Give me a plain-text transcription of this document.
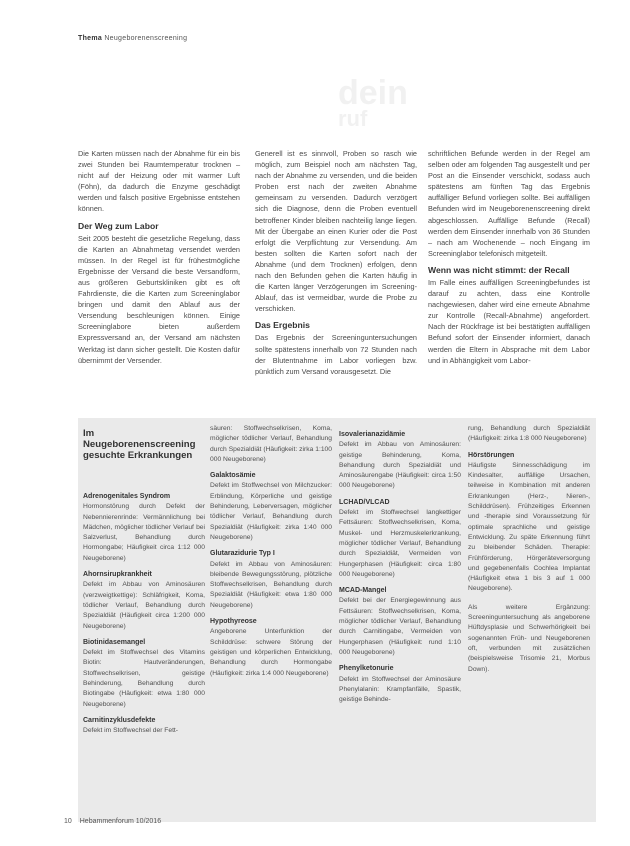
Thema Neugeborenenscreening
dein
ruf

Die Karten müssen nach der Abnahme für ein bis zwei Stunden bei Raumtemperatur trocknen – nicht auf der Heizung oder mit warmer Luft (Föhn), da dadurch die Enzyme geschädigt werden und falsch positive Ergebnisse entstehen können.

Der Weg zum Labor

Seit 2005 besteht die gesetzliche Regelung, dass die Karten an Abnahmetag versendet werden müssen. In der Regel ist für frühestmögliche Ergebnisse der Versand die beste Versandform, aus größeren Geburtskliniken gibt es oft Fahrdienste, die die Karten zum Screeninglabor bringen und damit den Ablauf aus der Versendung beschleunigen können. Einige Screeninglabore bieten außerdem Expressversand an, der Versand am nächsten Werktag ist dann sicher gestellt. Die Kosten dafür übernimmt der Versender.

Generell ist es sinnvoll, Proben so rasch wie möglich, zum Beispiel noch am nächsten Tag, nach der Abnahme zu versenden, und die beiden Proben erst nach der zweiten Abnahme gemeinsam zu versenden. Dadurch verzögert sich die Diagnose, denn die Proben eventuell betroffener Kinder bleiben nachteilig lange liegen. Mit der Übergabe an einen Kurier oder die Post erfolgt die Verpflichtung zur Versendung. Am besten sollten die Karten sofort nach der Abnahme (und dem Trocknen) erfolgen, denn nach den Befunden gehen die Karten häufig in die Karten länger Verzögerungen im Screening-Ablauf, das ist vermeidbar, wurde die Probe zu verschicken.

Das Ergebnis

Das Ergebnis der Screeninguntersuchungen sollte spätestens innerhalb von 72 Stunden nach der Blutentnahme im Labor vorliegen bzw. pünktlich zum Versand vorausgesetzt. Die

schriftlichen Befunde werden in der Regel am selben oder am folgenden Tag ausgestellt und per Post an die Einsender verschickt, sodass auch spätestens am fünften Tag das Ergebnis auffälliger Befund vorliegen sollte. Bei auffälligen Befunden wird im Neugeborenenscreening direkt abgeschlossen. Auffällige Befunde (Recall) werden dem Einsender innerhalb von 36 Stunden – nach am Wochenende – noch Eingang im Screeninglabor telefonisch mitgeteilt.

Wenn was nicht stimmt: der Recall

Im Falle eines auffälligen Screeningbefundes ist darauf zu achten, dass eine Kontrolle nachgewiesen, daher wird eine erneute Abnahme zur Kontrolle (Recall-Abnahme) angefordert. Nach der Rückfrage ist bei bestätigten auffälligen Befund sofort der Einsender informiert, danach werden die Eltern in Absprache mit dem Labor und in Abhängigkeit vom Labor-

Im Neugeborenenscreening gesuchte Erkrankungen
Adrenogenitales Syndrom

Hormonstörung durch Defekt der Nebennierenrinde: Vermännlichung bei Mädchen, möglicher tödlicher Verlauf bei Salzverlust, Behandlung durch Hormongabe; Häufigkeit circa 1:12 000 Neugeborene)

Ahornsirupkrankheit

Defekt im Abbau von Aminosäuren (verzweigtkettige): Schläfrigkeit, Koma, tödlicher Verlauf, Behandlung durch Spezialdiät (Häufigkeit circa 1:200 000 Neugeborene)

Biotinidasemangel

Defekt im Stoffwechsel des Vitamins Biotin: Hautveränderungen, Stoffwechselkrisen, geistige Behinderung, Behandlung durch Biotingabe (Häufigkeit: etwa 1:80 000 Neugeborene)

Carnitinzyklusdefekte

Defekt im Stoffwechsel der Fett-

säuren: Stoffwechselkrisen, Koma, möglicher tödlicher Verlauf, Behandlung durch Spezialdiät (Häufigkeit: zirka 1:100 000 Neugeborene)

Galaktosämie

Defekt im Stoffwechsel von Milchzucker: Erblindung, Körperliche und geistige Behinderung, Leberversagen, möglicher tödlicher Verlauf, Behandlung durch Spezialdiät (Häufigkeit: zirka 1:40 000 Neugeborene)

Glutarazidurie Typ I

Defekt im Abbau von Aminosäuren: bleibende Bewegungsstörung, plötzliche Stoffwechselkrisen, Behandlung durch Spezialdiät (Häufigkeit: etwa 1:80 000 Neugeborene)

Hypothyreose

Angeborene Unterfunktion der Schilddrüse: schwere Störung der geistigen und körperlichen Entwicklung, Behandlung durch Hormongabe (Häufigkeit: zirka 1:4 000 Neugeborene)

Isovalerianazidämie

Defekt im Abbau von Aminosäuren: geistige Behinderung, Koma, Behandlung durch Spezialdiät und Aminosäurengabe (Häufigkeit: circa 1:50 000 Neugeborene)

LCHAD/VLCAD

Defekt im Stoffwechsel langkettiger Fettsäuren: Stoffwechselkrisen, Koma, Muskel- und Herzmuskelerkrankung, möglicher tödlicher Verlauf, Behandlung durch Spezialdiät, Vermeiden von Hungerphasen (Häufigkeit: circa 1:80 000 Neugeborene)

MCAD-Mangel

Defekt bei der Energiegewinnung aus Fettsäuren: Stoffwechselkrisen, Koma, möglicher tödlicher Verlauf, Behandlung durch Carnitingabe, Vermeiden von Hungerphasen (Häufigkeit: rund 1:10 000 Neugeborene)

Phenylketonurie

Defekt im Stoffwechsel der Aminosäure Phenylalanin: Krampfanfälle, Spastik, geistige Behinde-

rung, Behandlung durch Spezialdiät (Häufigkeit: zirka 1:8 000 Neugeborene)

Hörstörungen

Häufigste Sinnesschädigung im Kindesalter, auffällige Ursachen, teilweise in Kombination mit anderen Erkrankungen (Herz-, Nieren-, Schilddrüsen). Frühzeitiges Erkennen und -therapie sind Voraussetzung für optimale sprachliche und geistige Entwicklung. Zu späte Erkennung führt zu bleibender Schäden. Therapie: Frühförderung, Hörgeräteversorgung und gegebenenfalls Cochlea Implantat (Häufigkeit etwa 1 bis 3 auf 1 000 Neugeborene).

Als weitere Ergänzung: Screeninguntersuchung als angeborene Hüftdysplasie und Schwerhörigkeit bei sogenannten Früh- und Neugeborenen oft, verbunden mit zusätzlichen (beispielsweise Trisomie 21, Morbus Down).

10 Hebammenforum 10/2016
